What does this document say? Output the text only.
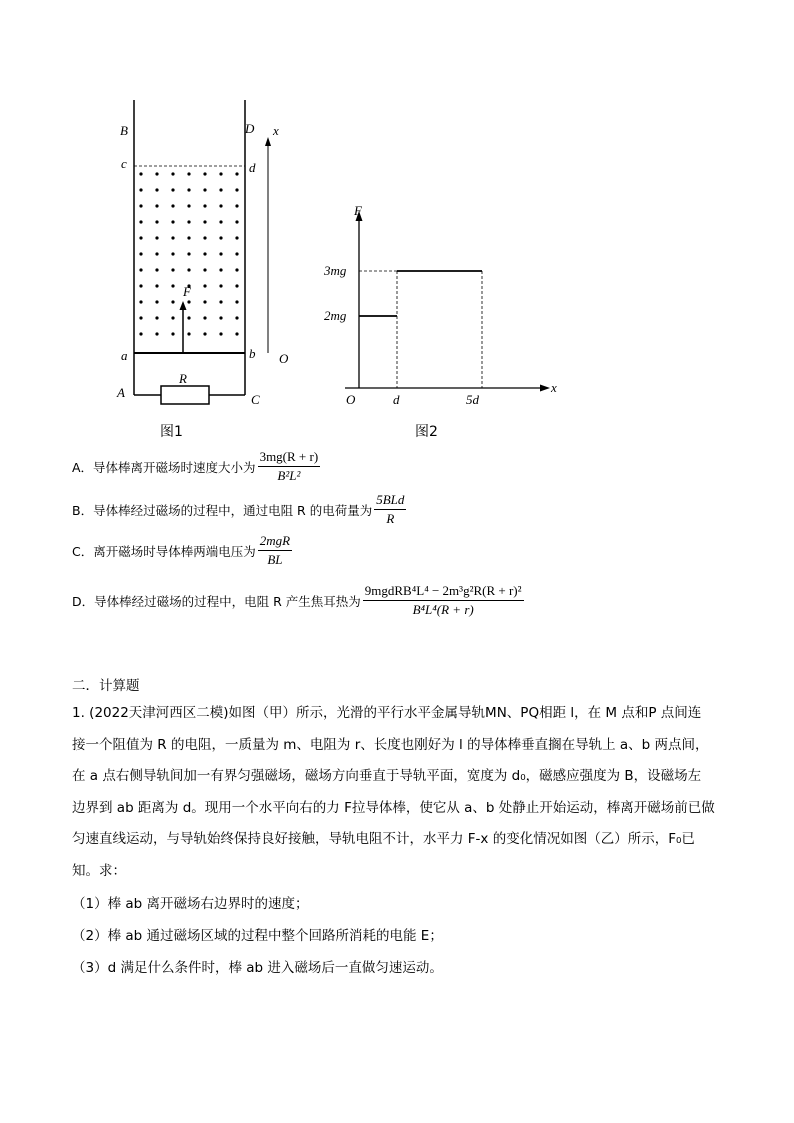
B	D x
c	d
F
a	b O
A	C
R
图1
F
x
O	d	5d
3mg
2mg
图2
A．导体棒离开磁场时速度大小为 $\frac{3mg(R + r)}{\text{B²L²}}$
B．导体棒经过磁场的过程中，通过电阻 R 的电荷量为 $\frac{\text{5BLd}}{R}$
C．离开磁场时导体棒两端电压为 $\frac{\text{2mgR}}{BL}$
D．导体棒经过磁场的过程中，电阻 R 产生焦耳热为 $\frac{\text{9mgdRB⁴L⁴ − 2m³g²R(R + r)²}}{\text{B⁴L⁴(R + r)}}$
二．计算题

1. (2022天津河西区二模)如图（甲）所示，光滑的平行水平金属导轨MN、PQ相距 l，在 M 点和P 点间连

接一个阻值为 R 的电阻，一质量为 m、电阻为 r、长度也刚好为 l 的导体棒垂直搁在导轨上 a、b 两点间，

在 a 点右侧导轨间加一有界匀强磁场，磁场方向垂直于导轨平面，宽度为 d₀，磁感应强度为 B，设磁场左

边界到 ab 距离为 d。现用一个水平向右的力 F拉导体棒，使它从 a、b 处静止开始运动，棒离开磁场前已做

匀速直线运动，与导轨始终保持良好接触，导轨电阻不计，水平力 F-x 的变化情况如图（乙）所示，F₀已

知。求：

（1）棒 ab 离开磁场右边界时的速度；
（2）棒 ab 通过磁场区域的过程中整个回路所消耗的电能 E；
（3）d 满足什么条件时，棒 ab 进入磁场后一直做匀速运动。
